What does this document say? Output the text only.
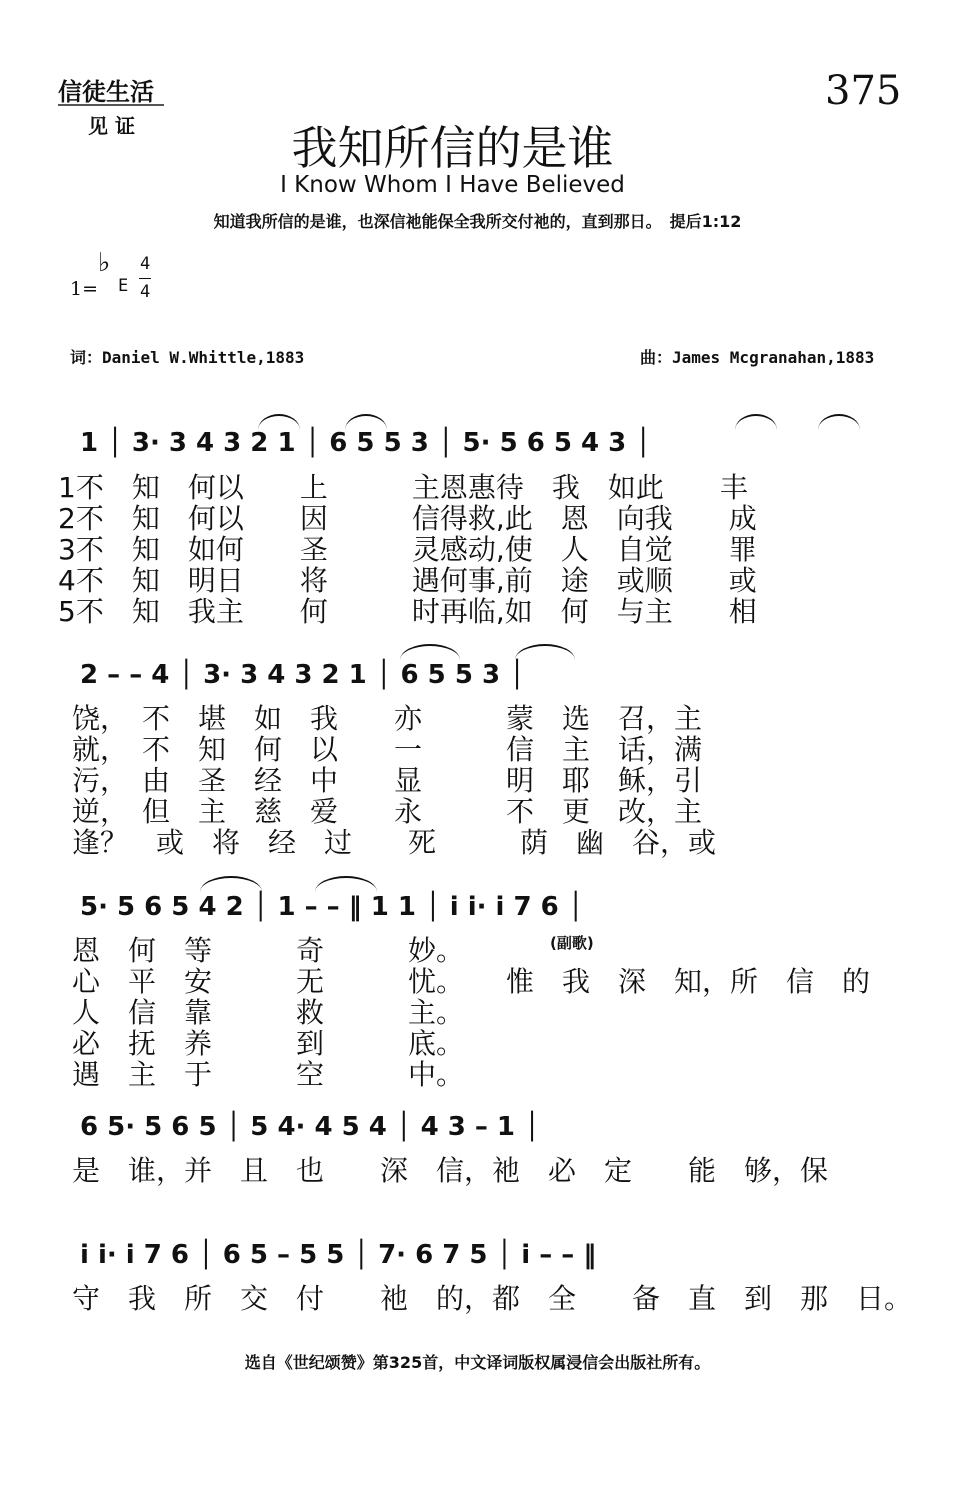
信徒生活
见 证
375
我知所信的是谁
I Know Whom I Have Believed
知道我所信的是谁，也深信祂能保全我所交付祂的，直到那日。　提后1:12
1=
♭
E
4
4
词：Daniel W.Whittle,1883	曲：James Mcgranahan,1883
1 │ 3· 3 4 3 2 1 │ 6 5 5 3 │ 5· 5 6 5 4 3 │
1不　知　何以　　上　　　主恩惠待　我　如此　　丰
2不　知　何以　　因　　　信得救,此　恩　向我　　成
3不　知　如何　　圣　　　灵感动,使　人　自觉　　罪
4不　知　明日　　将　　　遇何事,前　途　或顺　　或
5不　知　我主　　何　　　时再临,如　何　与主　　相
2 – – 4 │ 3· 3 4 3 2 1 │ 6 5 5 3 │
饶，　不　堪　如　我　　亦　　　蒙　选　召，主
就，　不　知　何　以　　一　　　信　主　话，满
污，　由　圣　经　中　　显　　　明　耶　稣，引
逆，　但　主　慈　爱　　永　　　不　更　改，主
逢？　或　将　经　过　　死　　　荫　幽　谷，或
5· 5 6 5 4 2 │ 1 – – ‖ 1 1 │ i i· i 7 6 │
(副歌)
恩　何　等　　　奇　　　妙。
心　平　安　　　无　　　忧。　　惟　我　深　知，所　信　的
人　信　靠　　　救　　　主。
必　抚　养　　　到　　　底。
遇　主　于　　　空　　　中。
6 5· 5 6 5 │ 5 4· 4 5 4 │ 4 3 – 1 │
是　谁，并　且　也　　深　信，祂　必　定　　能　够，保
i i· i 7 6 │ 6 5 – 5 5 │ 7· 6 7 5 │ i – – ‖
守　我　所　交　付　　祂　的，都　全　　备　直　到　那　日。
选自《世纪颂赞》第325首，中文译词版权属浸信会出版社所有。
